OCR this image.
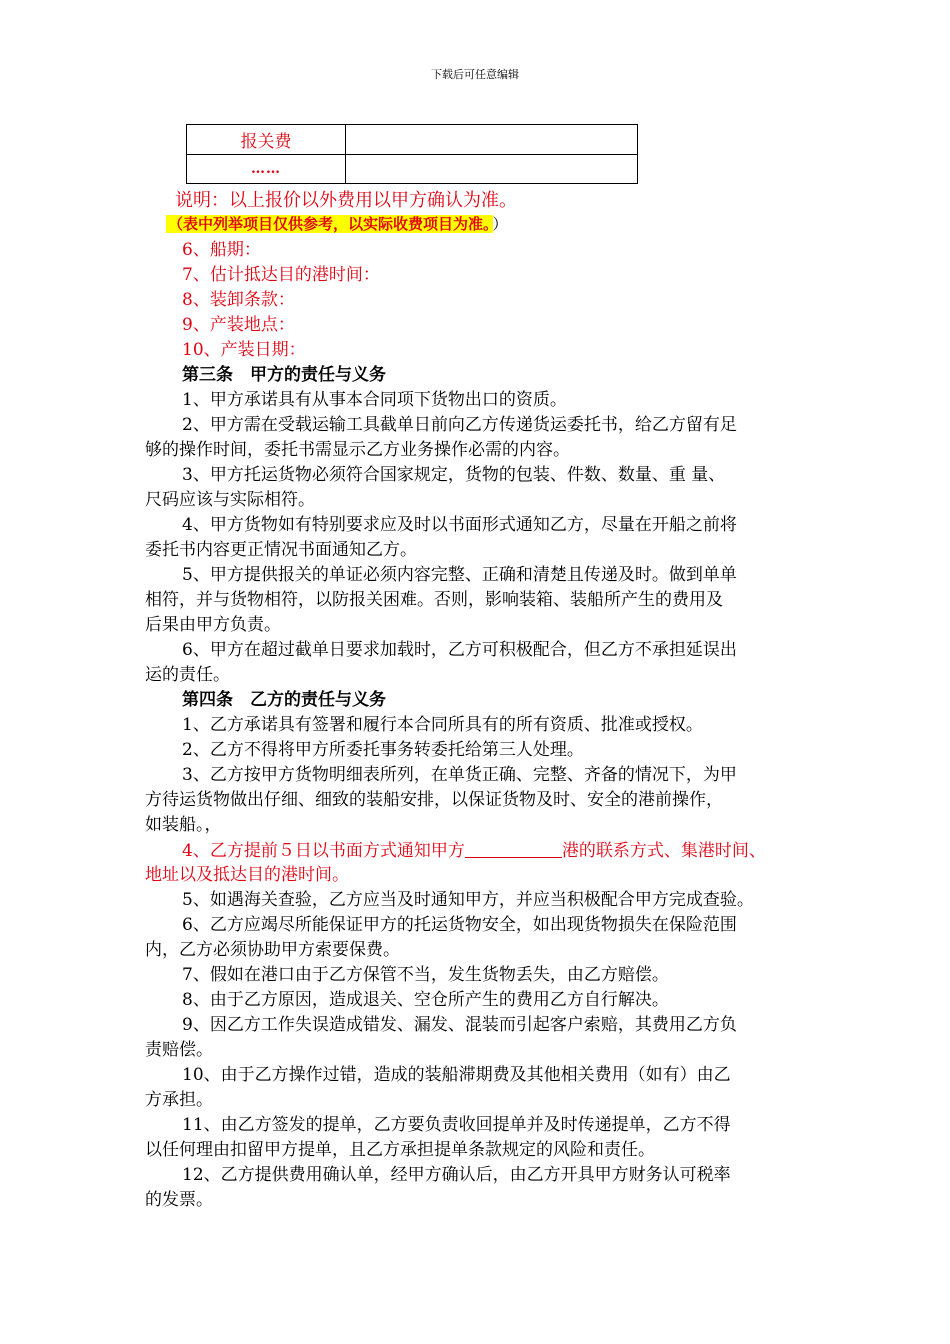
下载后可任意编辑
报关费	
……	
说明：以上报价以外费用以甲方确认为准。
（表中列举项目仅供参考，以实际收费项目为准。 ）
6、船期：
7、估计抵达目的港时间：
8、装卸条款：
9、产装地点：
10、产装日期：
第三条　甲方的责任与义务
1、甲方承诺具有从事本合同项下货物出口的资质。
2、甲方需在受载运输工具截单日前向乙方传递货运委托书，给乙方留有足
够的操作时间，委托书需显示乙方业务操作必需的内容。
3、甲方托运货物必须符合国家规定，货物的包装、件数、数量、重 量、
尺码应该与实际相符。
4、甲方货物如有特别要求应及时以书面形式通知乙方，尽量在开船之前将
委托书内容更正情况书面通知乙方。
5、甲方提供报关的单证必须内容完整、正确和清楚且传递及时。做到单单
相符，并与货物相符，以防报关困难。否则，影响装箱、装船所产生的费用及
后果由甲方负责。
6、甲方在超过截单日要求加载时，乙方可积极配合，但乙方不承担延误出
运的责任。
第四条　乙方的责任与义务
1、乙方承诺具有签署和履行本合同所具有的所有资质、批准或授权。
2、乙方不得将甲方所委托事务转委托给第三人处理。
3、乙方按甲方货物明细表所列，在单货正确、完整、齐备的情况下，为甲
方待运货物做出仔细、细致的装船安排，以保证货物及时、安全的港前操作，
如装船。，
4、乙方提前５日以书面方式通知甲方	港的联系方式、集港时间、
地址以及抵达目的港时间。
5、如遇海关查验，乙方应当及时通知甲方，并应当积极配合甲方完成查验。
6、乙方应竭尽所能保证甲方的托运货物安全，如出现货物损失在保险范围
内，乙方必须协助甲方索要保费。
7、假如在港口由于乙方保管不当，发生货物丢失，由乙方赔偿。
8、由于乙方原因，造成退关、空仓所产生的费用乙方自行解决。
9、因乙方工作失误造成错发、漏发、混装而引起客户索赔，其费用乙方负
责赔偿。
10、由于乙方操作过错，造成的装船滞期费及其他相关费用（如有）由乙
方承担。
11、由乙方签发的提单，乙方要负责收回提单并及时传递提单，乙方不得
以任何理由扣留甲方提单，且乙方承担提单条款规定的风险和责任。
12、乙方提供费用确认单，经甲方确认后，由乙方开具甲方财务认可税率
的发票。
